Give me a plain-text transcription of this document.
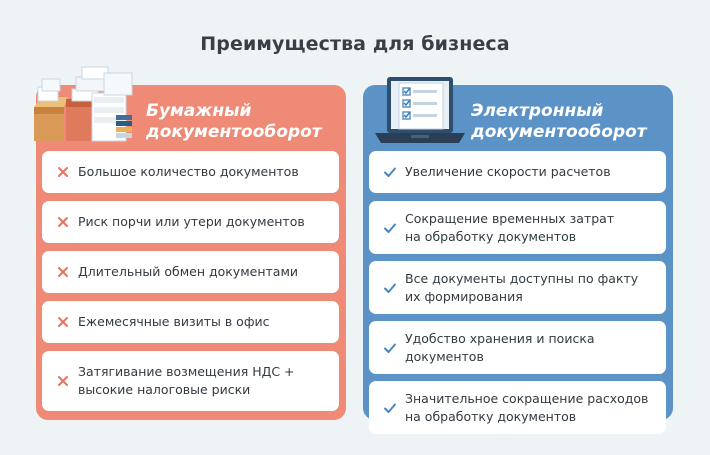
Преимущества для бизнеса
Бумажный
документооборот
Большое количество документов
Риск порчи или утери документов
Длительный обмен документами
Ежемесячные визиты в офис
Затягивание возмещения НДС +
высокие налоговые риски
Электронный
документооборот
Увеличение скорости расчетов
Сокращение временных затрат
на обработку документов
Все документы доступны по факту
их формирования
Удобство хранения и поиска
документов
Значительное сокращение расходов
на обработку документов
